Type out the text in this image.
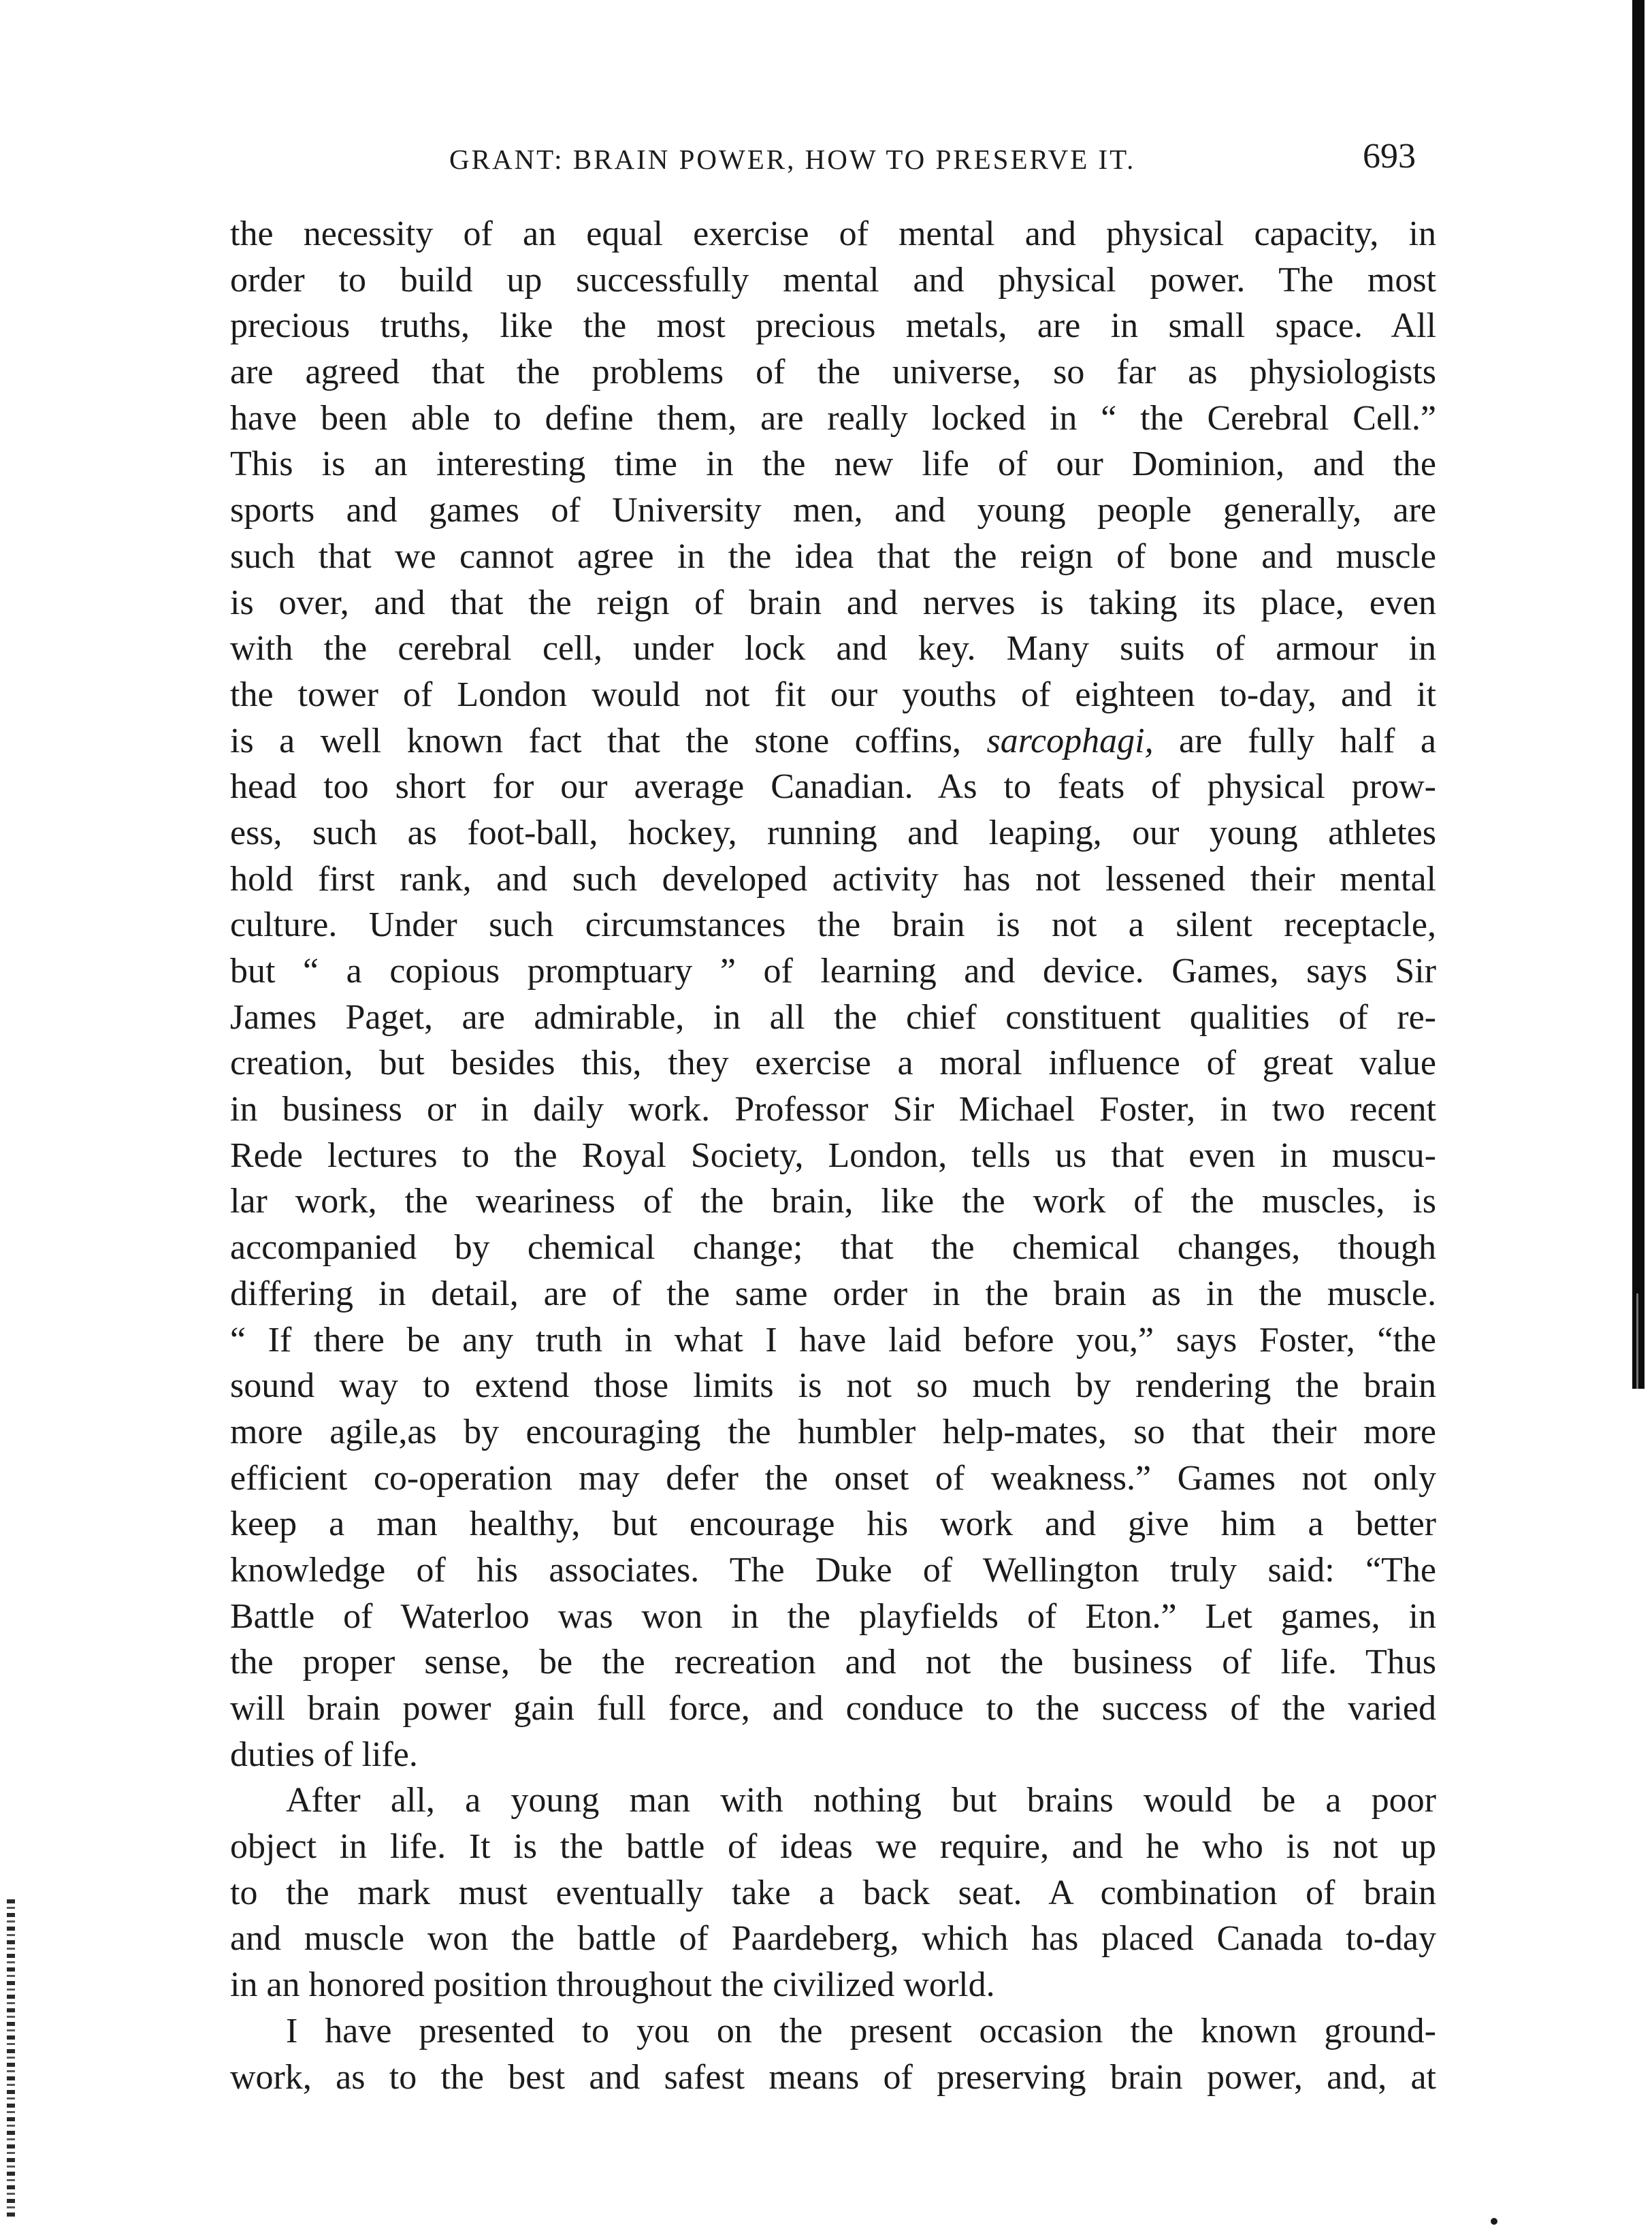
GRANT: BRAIN POWER, HOW TO PRESERVE IT.	693
the necessity of an equal exercise of mental and physical capacity, in
order to build up successfully mental and physical power. The most
precious truths, like the most precious metals, are in small space. All
are agreed that the problems of the universe, so far as physiologists
have been able to define them, are really locked in “ the Cerebral Cell.”
This is an interesting time in the new life of our Dominion, and the
sports and games of University men, and young people generally, are
such that we cannot agree in the idea that the reign of bone and muscle
is over, and that the reign of brain and nerves is taking its place, even
with the cerebral cell, under lock and key. Many suits of armour in
the tower of London would not fit our youths of eighteen to-day, and it
is a well known fact that the stone coffins, sarcophagi, are fully half a
head too short for our average Canadian. As to feats of physical prow-
ess, such as foot-ball, hockey, running and leaping, our young athletes
hold first rank, and such developed activity has not lessened their mental
culture. Under such circumstances the brain is not a silent receptacle,
but “ a copious promptuary ” of learning and device. Games, says Sir
James Paget, are admirable, in all the chief constituent qualities of re-
creation, but besides this, they exercise a moral influence of great value
in business or in daily work. Professor Sir Michael Foster, in two recent
Rede lectures to the Royal Society, London, tells us that even in muscu-
lar work, the weariness of the brain, like the work of the muscles, is
accompanied by chemical change; that the chemical changes, though
differing in detail, are of the same order in the brain as in the muscle.
“ If there be any truth in what I have laid before you,” says Foster, “the
sound way to extend those limits is not so much by rendering the brain
more agile,as by encouraging the humbler help-mates, so that their more
efficient co-operation may defer the onset of weakness.” Games not only
keep a man healthy, but encourage his work and give him a better
knowledge of his associates. The Duke of Wellington truly said: “The
Battle of Waterloo was won in the playfields of Eton.” Let games, in
the proper sense, be the recreation and not the business of life. Thus
will brain power gain full force, and conduce to the success of the varied
duties of life.
After all, a young man with nothing but brains would be a poor
object in life. It is the battle of ideas we require, and he who is not up
to the mark must eventually take a back seat. A combination of brain
and muscle won the battle of Paardeberg, which has placed Canada to-day
in an honored position throughout the civilized world.
I have presented to you on the present occasion the known ground-
work, as to the best and safest means of preserving brain power, and, at
